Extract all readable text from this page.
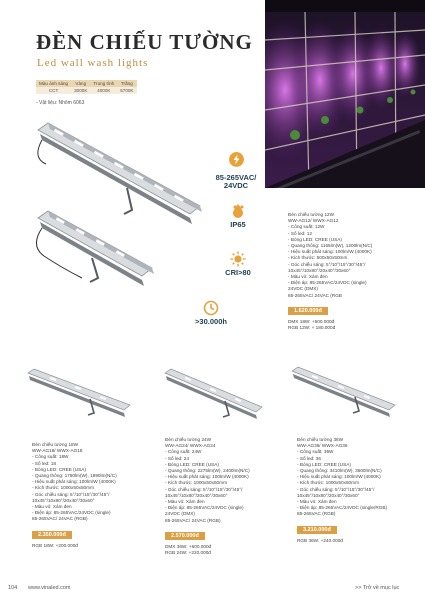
ĐÈN CHIẾU TƯỜNG
Led wall wash lights
Màu ánh sáng	Vàng	Trung tính	Trắng
CCT	3000K	4000K	5700K
- Vật liệu: Nhôm 6063
85-265VAC/
24VDC
IP65
CRI>80
>30.000h
Đèn chiếu tường 12W
WW-AG12/ WWX-AG12
- Công suất: 12W
- Số led: 12
- Bóng LED: CREE (USA)
- Quang thông: 1165lm(W), 1200lm(N/C)
- Hiệu suất phát sáng: 100lm/W (4000K)
- Kích thước: 500x50x50mm
- Góc chiếu sáng: 5°/10°/15°/30°/45°/
10x45°/10x80°/20x40°/30x60°
- Màu vỏ: Xám đen
- Điện áp: 85-265VAC/24VDC (single)
24VDC (DMX)
85-265VAC/ 24VAC (RGB
1.620.000đ
DMX 18W: +500.000đ
RGB 12W: + 180.000đ
Đèn chiếu tường 18W
WW-AG18/ WWX-AG18
- Công suất: 18W
- Số led: 18
- Bóng LED: CREE (USA)
- Quang thông: 1750lm(W), 1890lm(N/C)
- Hiệu suất phát sáng: 100lm/W (4000K)
- Kích thước: 1000x50x50mm
- Góc chiếu sáng: 5°/10°/15°/30°/45°/
10x45°/10x80°/20x40°/30x60°
- Màu vỏ: Xám đen
- Điện áp: 85-265VAC/24VDC (single)
85-265VAC/ 24VAC (RGB)
2.350.000đ
RGB 18W: +200.000đ
Đèn chiếu tường 24W
WW-AG24/ WWX-AG24
- Công suất: 24W
- Số led: 24
- Bóng LED: CREE (USA)
- Quang thông: 2275lm(W), 2400lm(N/C)
- Hiệu suất phát sáng: 100lm/W (4000K)
- Kích thước: 1000x50x50mm
- Góc chiếu sáng: 5°/10°/15°/30°/45°/
10x45°/10x80°/20x40°/30x60°
- Màu vỏ: Xám đen
- Điện áp: 85-265VAC/24VDC (single)
24VDC (DMX)
85-265VAC/ 24VAC (RGB)
2.570.000đ
DMX 36W: +600.000đ
RGB 24W: +220.000đ
Đèn chiếu tường 36W
WW-AG36/ WWX-AG36
- Công suất: 36W
- Số led: 36
- Bóng LED: CREE (USA)
- Quang thông: 3410lm(W), 3600lm(N/C)
- Hiệu suất phát sáng: 100lm/W (4000K)
- Kích thước: 1000x50x50mm
- Góc chiếu sáng: 5°/10°/15°/30°/45°/
10x45°/10x80°/20x40°/30x60°
- Màu vỏ: Xám đen
- Điện áp: 85-265VAC/24VDC (single/RGB)
85-265VAC (RGB)
3.210.000đ
RGB 36W: +240.000đ
104 www.vinaled.com	>> Trở về mục lục
